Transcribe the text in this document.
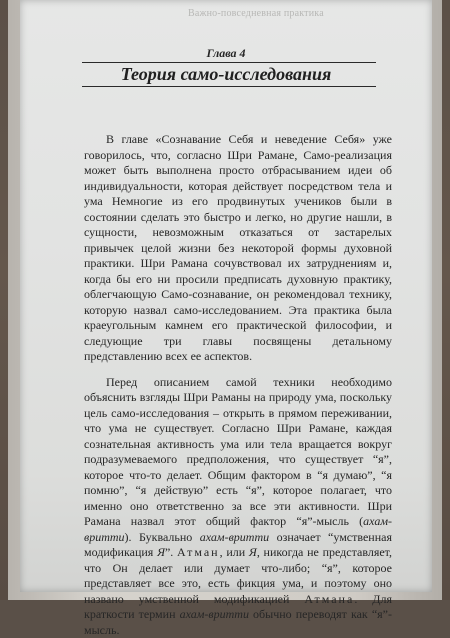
Важно-повседневная практика
Глава 4
Теория само-исследования

В главе «Сознавание Себя и неведение Себя» уже говорилось, что, согласно Шри Рамане, Само-реализация может быть выполнена просто отбрасыванием идеи об индивидуальности, которая действует посредством тела и ума Немногие из его продвинутых учеников были в состоянии сделать это быстро и легко, но другие нашли, в сущности, невозможным отказаться от застарелых привычек целой жизни без некоторой формы духовной практики. Шри Рамана сочувствовал их затруднениям и, когда бы его ни просили предписать духовную практику, облегчающую Само-сознавание, он рекомендовал технику, которую назвал само-исследованием. Эта практика была краеугольным камнем его практической философии, и следующие три главы посвящены детальному представлению всех ее аспектов.

Перед описанием самой техники необходимо объяснить взгляды Шри Раманы на природу ума, поскольку цель само-исследования – открыть в прямом переживании, что ума не существует. Согласно Шри Рамане, каждая сознательная активность ума или тела вращается вокруг подразумеваемого предположения, что существует “я”, которое что-то делает. Общим фактором в “я думаю”, “я помню”, “я действую” есть “я”, которое полагает, что именно оно ответственно за все эти активности. Шри Рамана назвал этот общий фактор “я”-мысль (ахам-вритти). Буквально ахам-вритти означает “умственная модификация Я”. Атман, или Я, никогда не представляет, что Он делает или думает что-либо; “я”, которое представляет все это, есть фикция ума, и поэтому оно названо умственной модификацией Атмана. Для краткости термин ахам-вритти обычно переводят как “я”-мысль.
